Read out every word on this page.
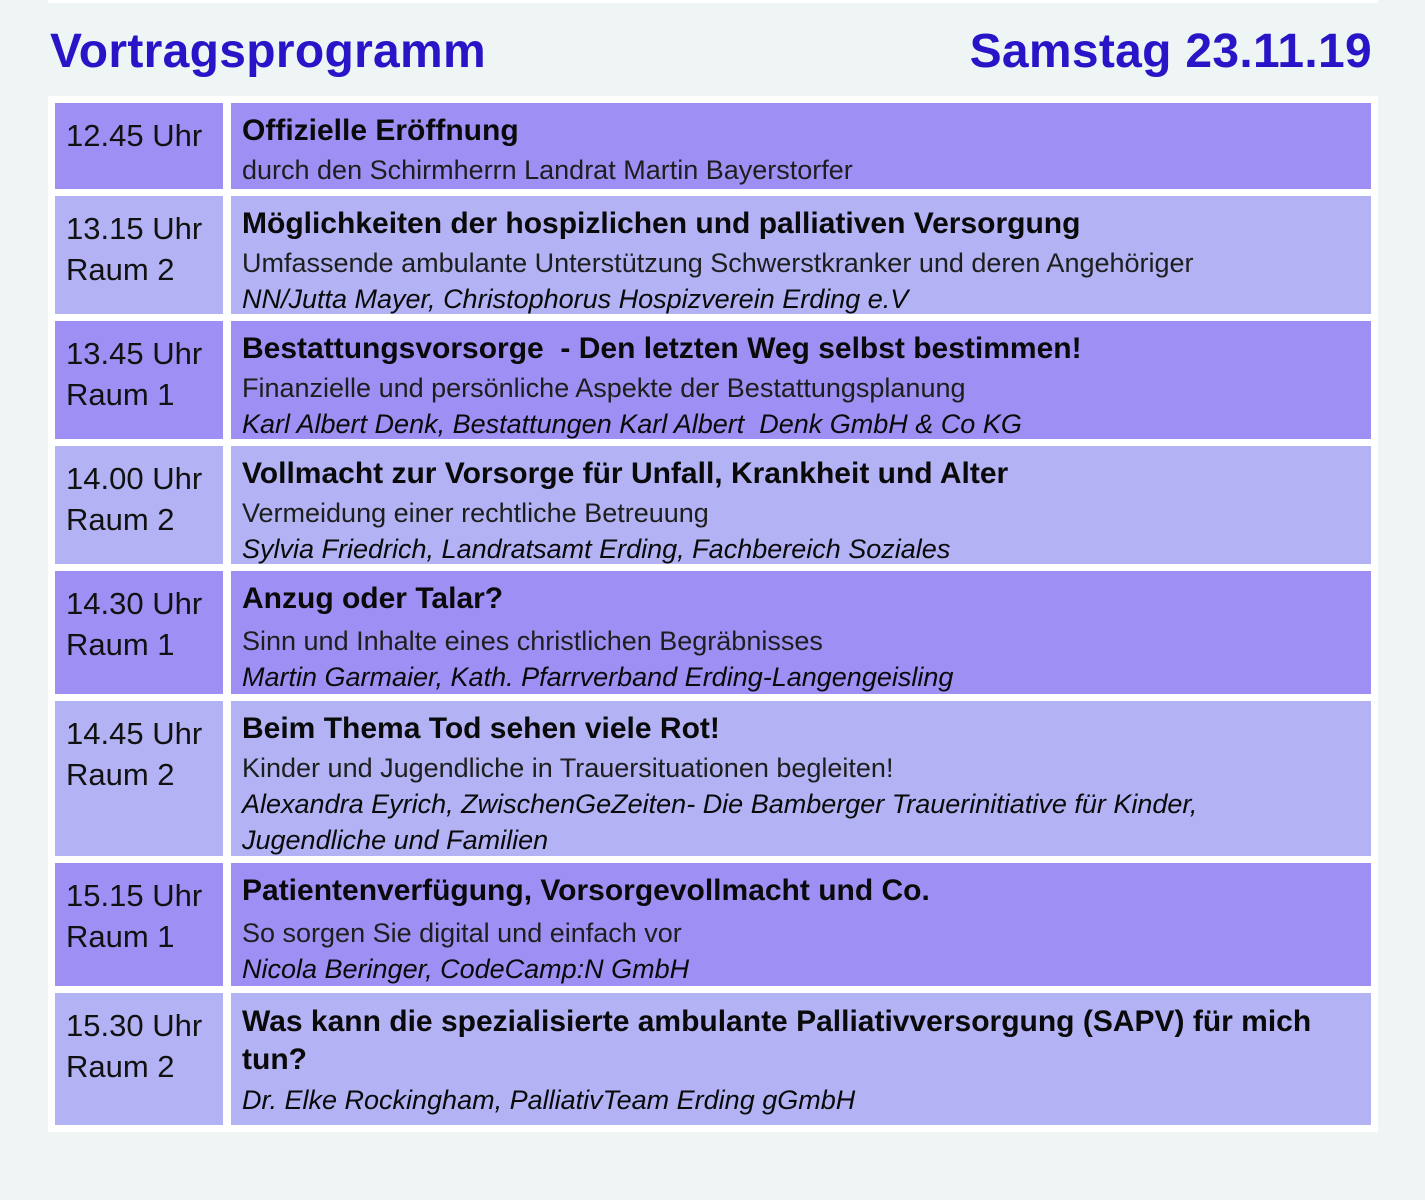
Vortragsprogramm	Samstag 23.11.19
12.45 Uhr	Offizielle Eröffnung
durch den Schirmherrn Landrat Martin Bayerstorfer
13.15 Uhr
Raum 2
Möglichkeiten der hospizlichen und palliativen Versorgung
Umfassende ambulante Unterstützung Schwerstkranker und deren Angehöriger
NN/Jutta Mayer, Christophorus Hospizverein Erding e.V
13.45 Uhr
Raum 1
Bestattungsvorsorge  - Den letzten Weg selbst bestimmen!
Finanzielle und persönliche Aspekte der Bestattungsplanung
Karl Albert Denk, Bestattungen Karl Albert  Denk GmbH & Co KG
14.00 Uhr
Raum 2
Vollmacht zur Vorsorge für Unfall, Krankheit und Alter
Vermeidung einer rechtliche Betreuung
Sylvia Friedrich, Landratsamt Erding, Fachbereich Soziales
14.30 Uhr
Raum 1
Anzug oder Talar?
Sinn und Inhalte eines christlichen Begräbnisses
Martin Garmaier, Kath. Pfarrverband Erding-Langengeisling
14.45 Uhr
Raum 2
Beim Thema Tod sehen viele Rot!
Kinder und Jugendliche in Trauersituationen begleiten!
Alexandra Eyrich, ZwischenGeZeiten- Die Bamberger Trauerinitiative für Kinder, Jugendliche und Familien
15.15 Uhr
Raum 1
Patientenverfügung, Vorsorgevollmacht und Co.
So sorgen Sie digital und einfach vor
Nicola Beringer, CodeCamp:N GmbH
15.30 Uhr
Raum 2
Was kann die spezialisierte ambulante Palliativversorgung (SAPV) für mich tun?
Dr. Elke Rockingham, PalliativTeam Erding gGmbH
